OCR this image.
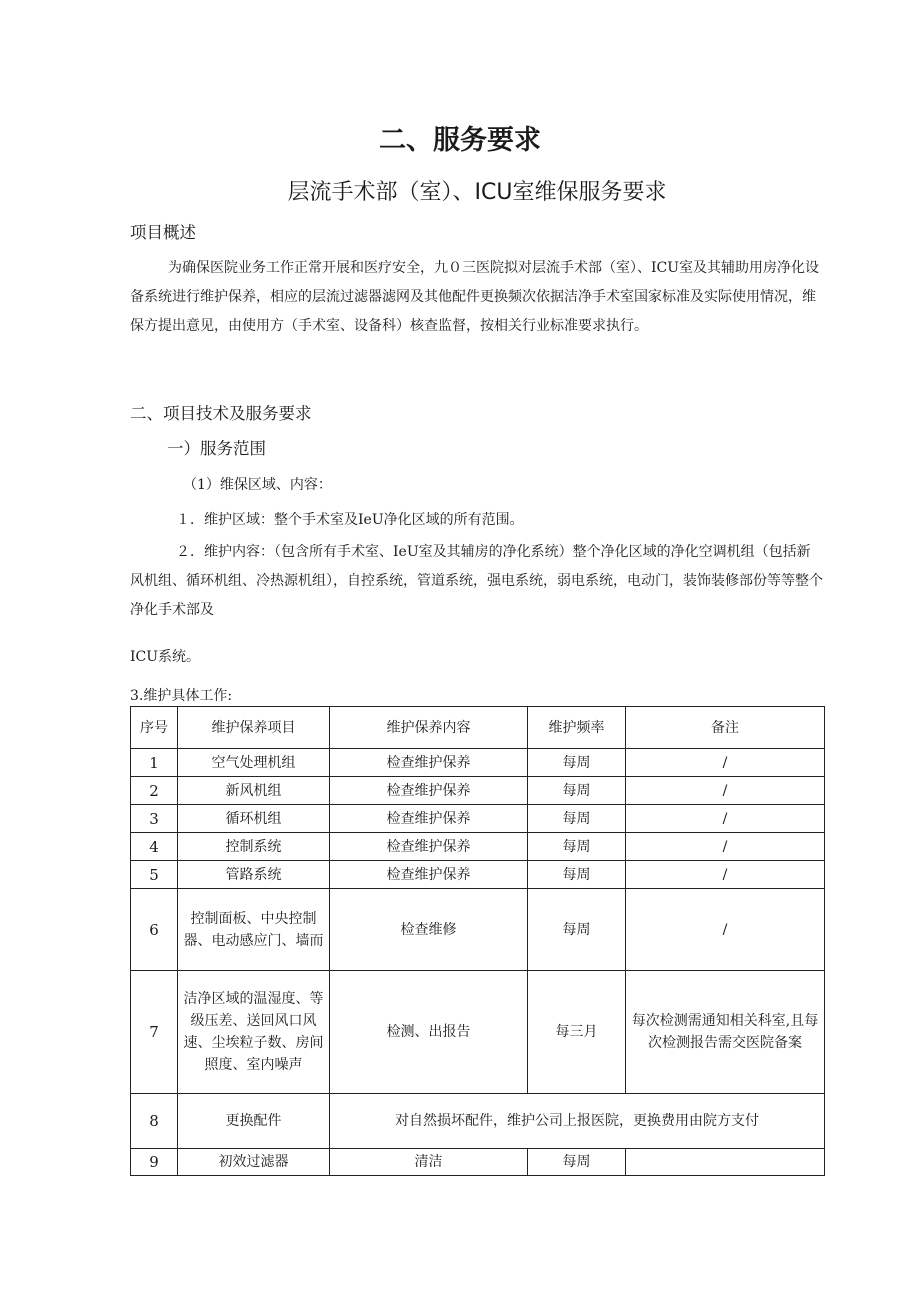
二、服务要求
层流手术部（室）、ICU室维保服务要求
项目概述
为确保医院业务工作正常开展和医疗安全，九０三医院拟对层流手术部（室）、ICU室及其辅助用房净化设备系统进行维护保养，相应的层流过滤器滤网及其他配件更换频次依据洁净手术室国家标准及实际使用情况，维保方提出意见，由使用方（手术室、设备科）核查监督，按相关行业标准要求执行。
二、项目技术及服务要求
一）服务范围
（1）维保区域、内容：
１．维护区域：整个手术室及IeU净化区域的所有范围。
２．维护内容：（包含所有手术室、IeU室及其辅房的净化系统）整个净化区域的净化空调机组（包括新风机组、循环机组、冷热源机组），自控系统，管道系统，强电系统，弱电系统，电动门，装饰装修部份等等整个净化手术部及
ICU系统。
3.维护具体工作:
序号	维护保养项目	维护保养内容	维护频率	备注
1	空气处理机组	检查维护保养	每周	/
2	新风机组	检查维护保养	每周	/
3	循环机组	检查维护保养	每周	/
4	控制系统	检查维护保养	每周	/
5	管路系统	检查维护保养	每周	/
6	控制面板、中央控制器、电动感应门、墙而	检查维修	每周	/
7	洁净区域的温湿度、等级压差、送回风口风速、尘埃粒子数、房间照度、室内噪声	检测、出报告	每三月	每次检测需通知相关科室,且每次检测报告需交医院备案
8	更换配件	对自然损坏配件，维护公司上报医院，更换费用由院方支付		
9	初效过滤器	清洁	每周	
